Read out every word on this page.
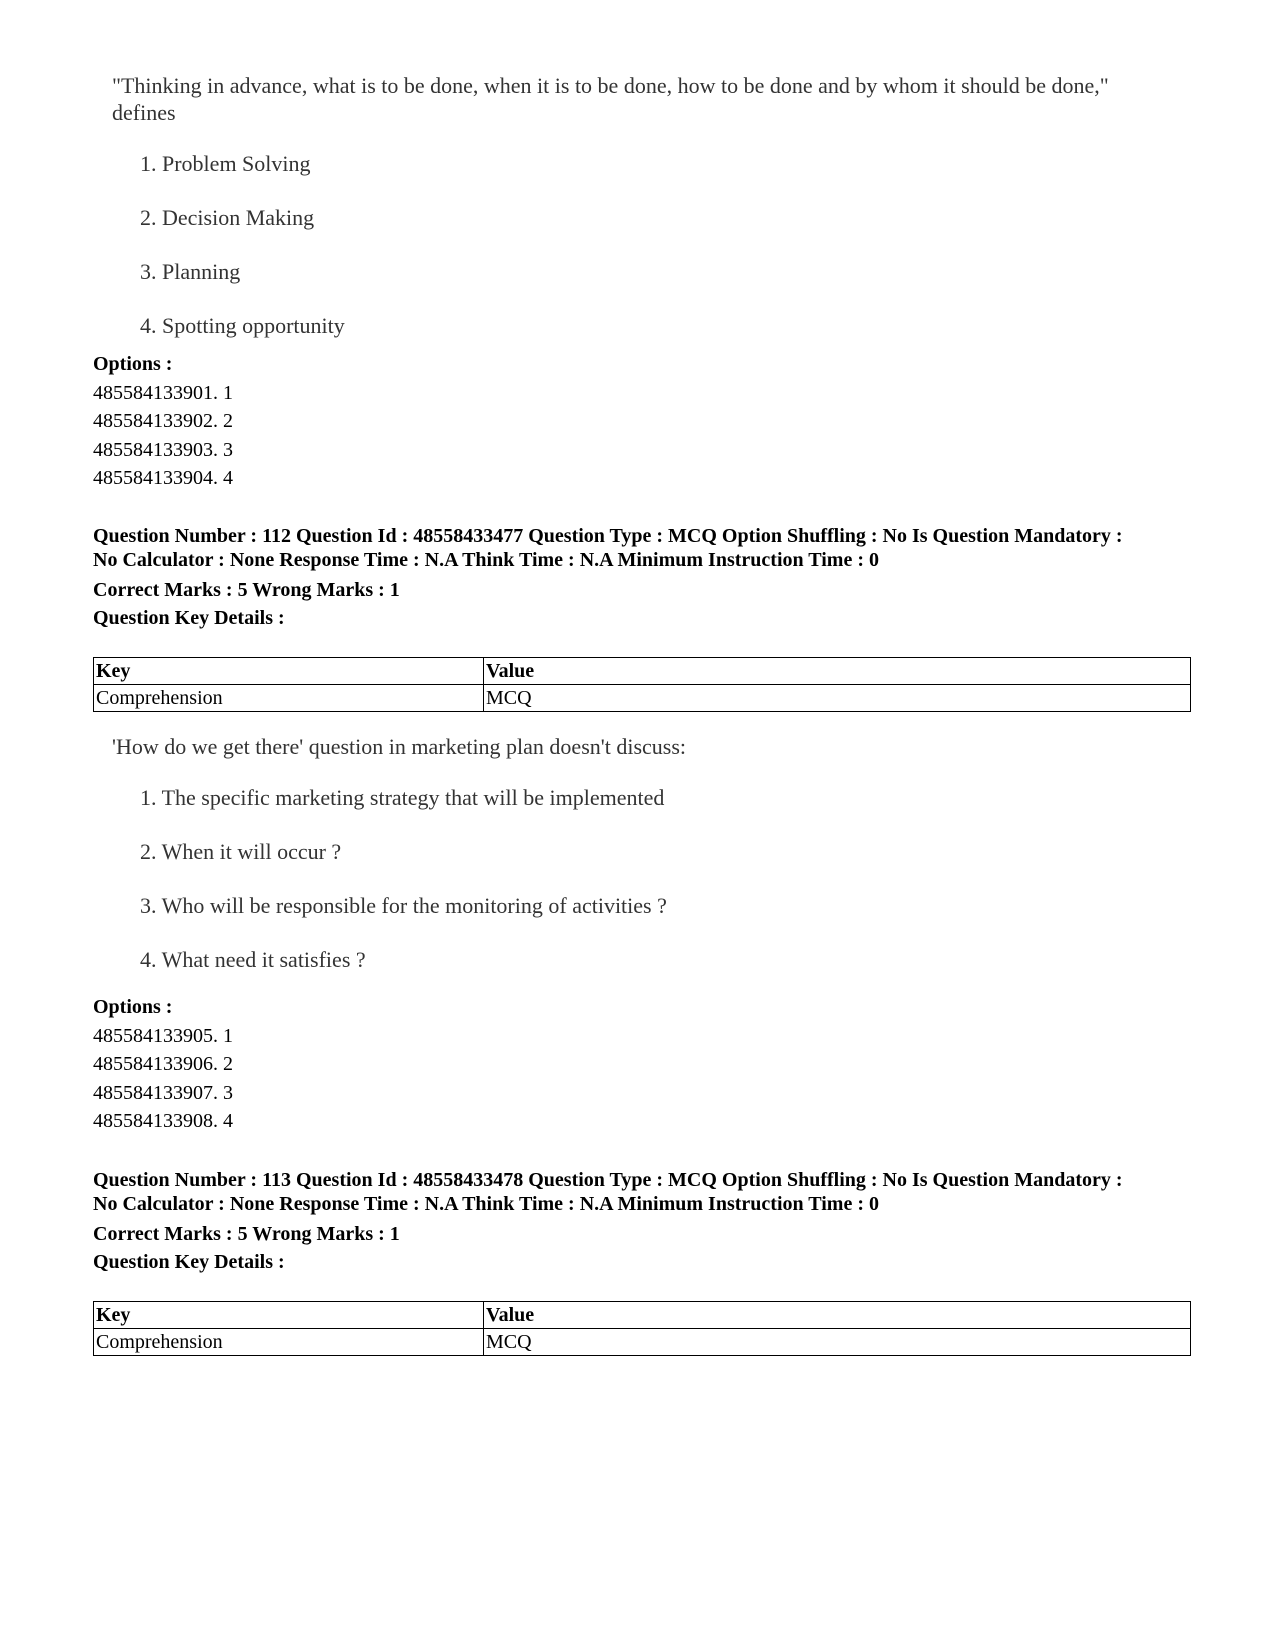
"Thinking in advance, what is to be done, when it is to be done, how to be done and by whom it should be done," defines
1. Problem Solving
2. Decision Making
3. Planning
4. Spotting opportunity
Options :
485584133901. 1
485584133902. 2
485584133903. 3
485584133904. 4
Question Number : 112 Question Id : 48558433477 Question Type : MCQ Option Shuffling : No Is Question Mandatory :
No Calculator : None Response Time : N.A Think Time : N.A Minimum Instruction Time : 0
Correct Marks : 5 Wrong Marks : 1
Question Key Details :
Key	Value
Comprehension	MCQ
'How do we get there' question in marketing plan doesn't discuss:
1. The specific marketing strategy that will be implemented
2. When it will occur ?
3. Who will be responsible for the monitoring of activities ?
4. What need it satisfies ?
Options :
485584133905. 1
485584133906. 2
485584133907. 3
485584133908. 4
Question Number : 113 Question Id : 48558433478 Question Type : MCQ Option Shuffling : No Is Question Mandatory :
No Calculator : None Response Time : N.A Think Time : N.A Minimum Instruction Time : 0
Correct Marks : 5 Wrong Marks : 1
Question Key Details :
Key	Value
Comprehension	MCQ
